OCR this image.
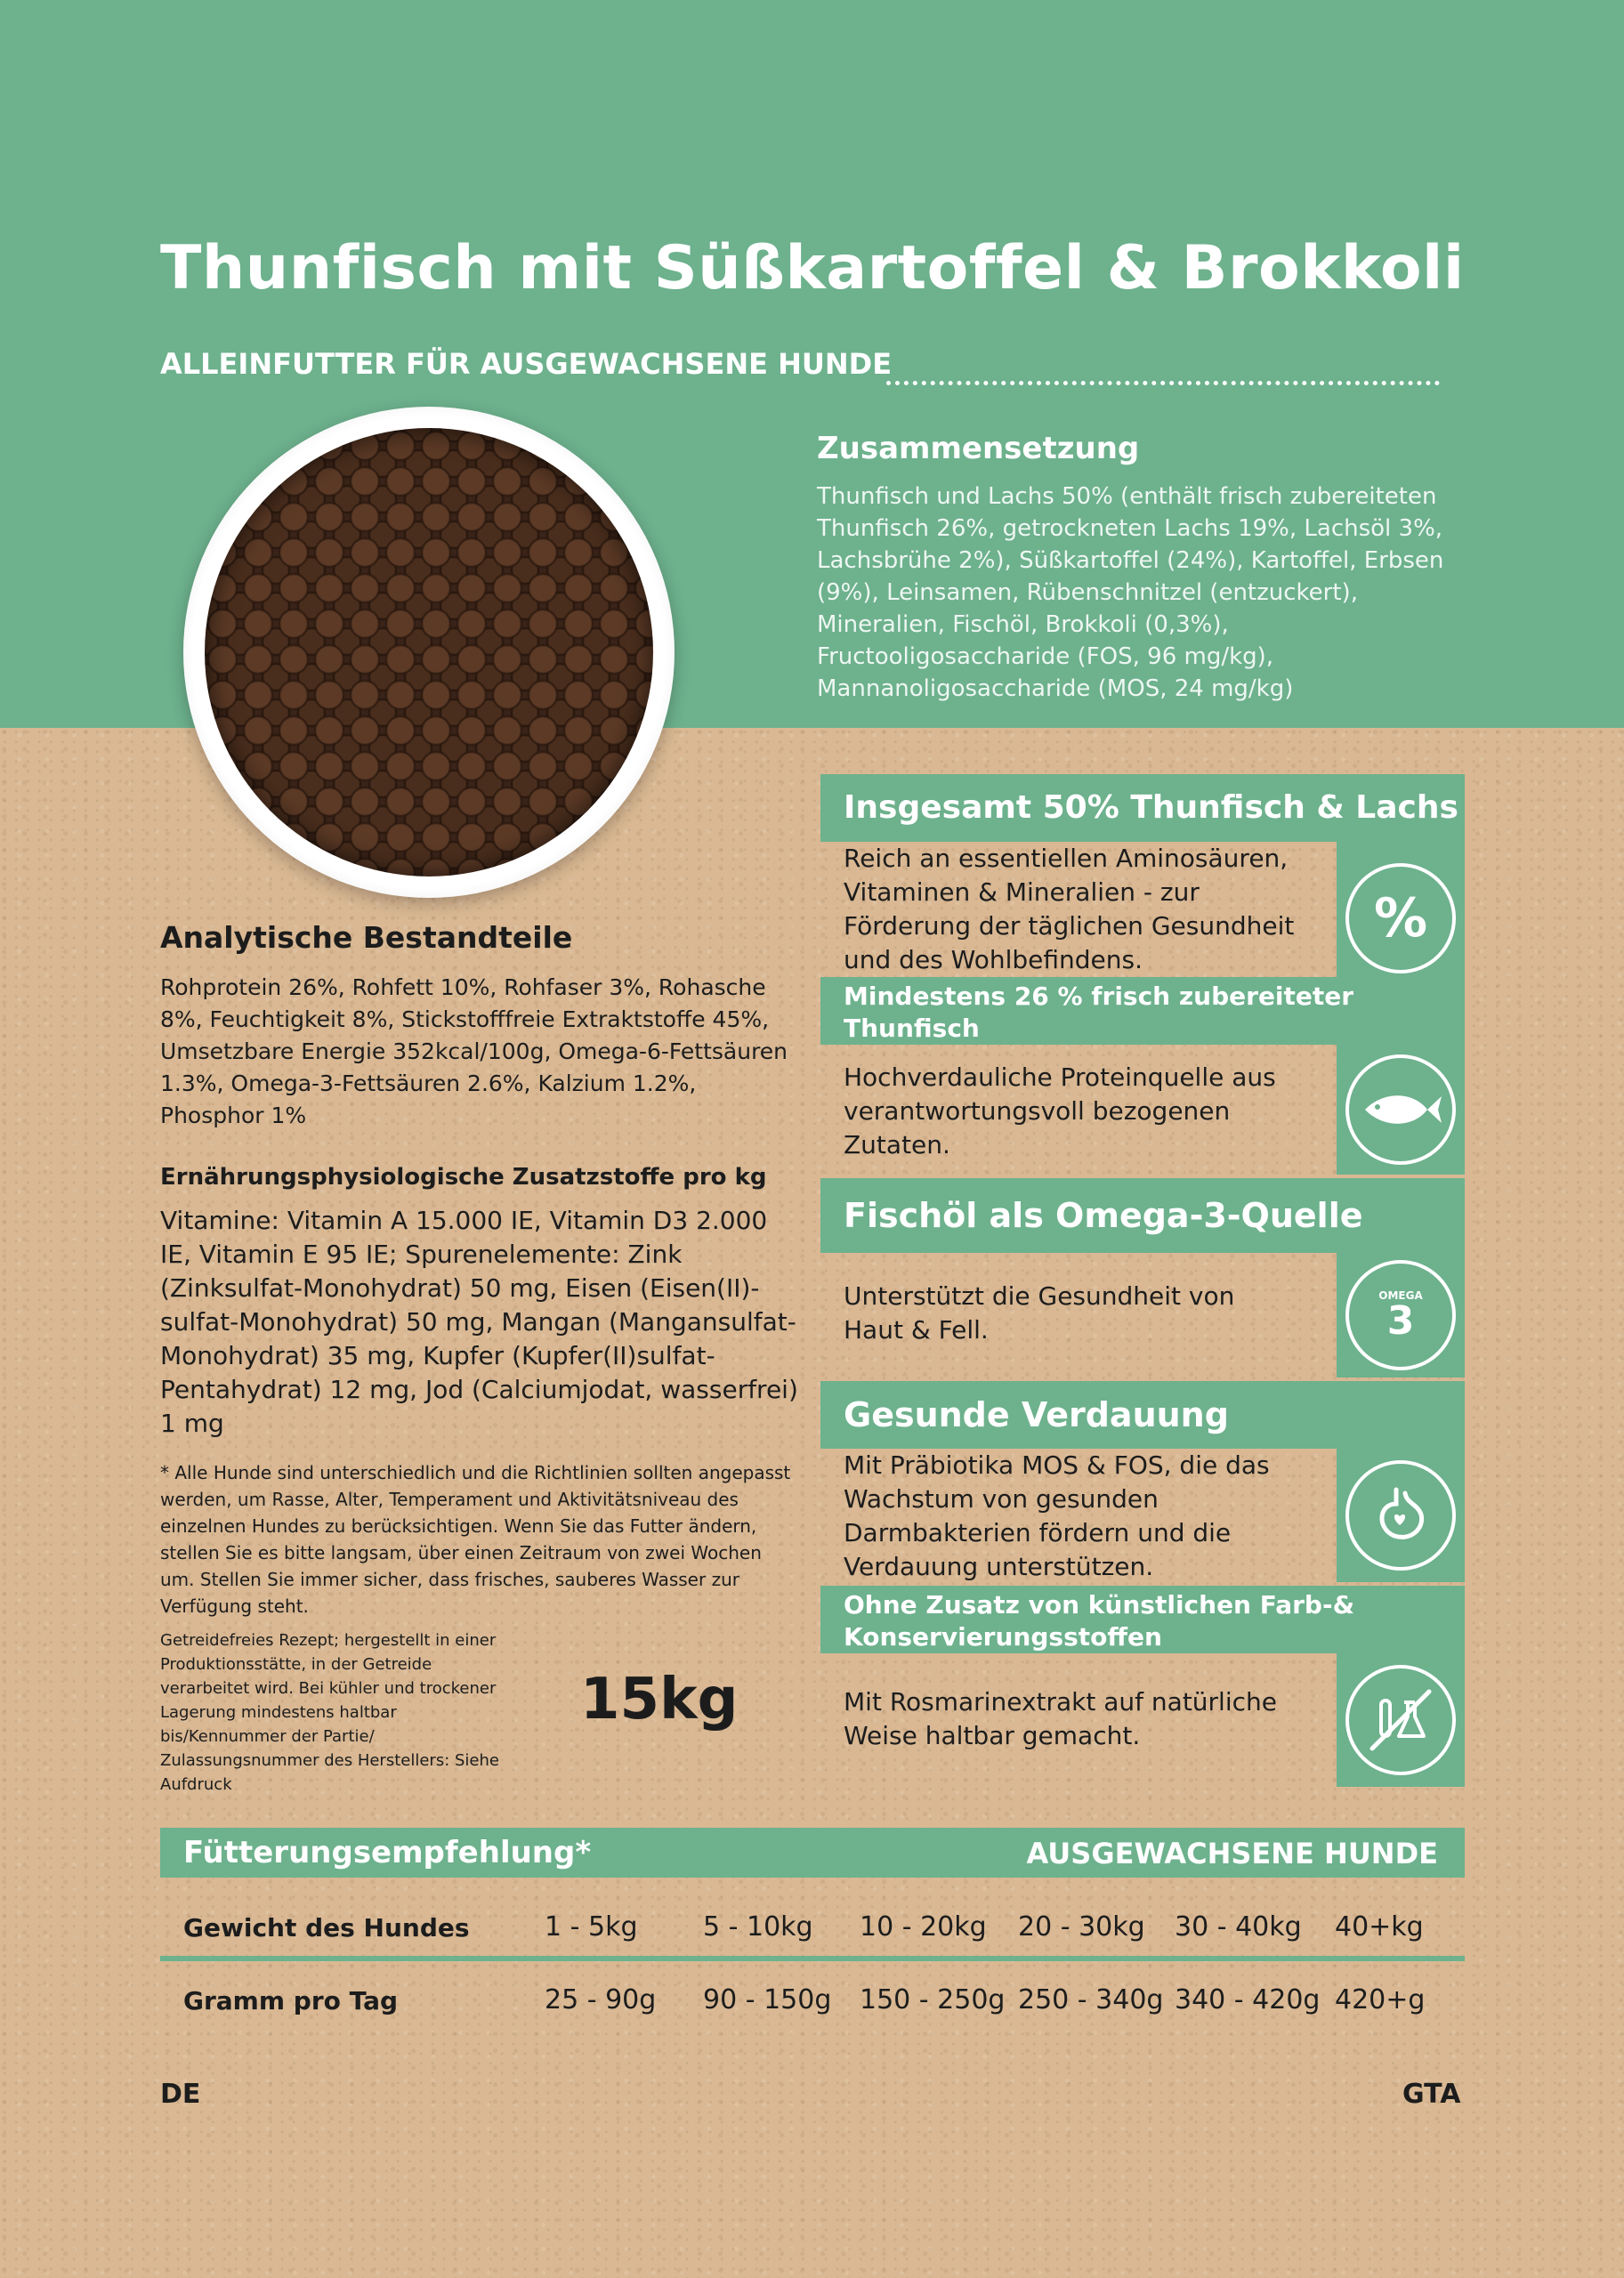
Thunfisch mit Süßkartoffel & Brokkoli
ALLEINFUTTER FÜR AUSGEWACHSENE HUNDE
Zusammensetzung
Thunfisch und Lachs 50% (enthält frisch zubereiteten Thunfisch 26%, getrockneten Lachs 19%, Lachsöl 3%, Lachsbrühe 2%), Süßkartoffel (24%), Kartoffel, Erbsen (9%), Leinsamen, Rübenschnitzel (entzuckert), Mineralien, Fischöl, Brokkoli (0,3%), Fructooligosaccharide (FOS, 96 mg/kg), Mannanoligosaccharide (MOS, 24 mg/kg)
Analytische Bestandteile
Rohprotein 26%, Rohfett 10%, Rohfaser 3%, Rohasche 8%, Feuchtigkeit 8%, Stickstofffreie Extraktstoffe 45%, Umsetzbare Energie 352kcal/100g, Omega-6-Fettsäuren 1.3%, Omega-3-Fettsäuren 2.6%, Kalzium 1.2%, Phosphor 1%
Ernährungsphysiologische Zusatzstoffe pro kg
Vitamine: Vitamin A 15.000 IE, Vitamin D3 2.000 IE, Vitamin E 95 IE; Spurenelemente: Zink (Zinksulfat-Monohydrat) 50 mg, Eisen (Eisen(II)-sulfat-Monohydrat) 50 mg, Mangan (Mangansulfat-Monohydrat) 35 mg, Kupfer (Kupfer(II)sulfat-Pentahydrat) 12 mg, Jod (Calciumjodat, wasserfrei) 1 mg
* Alle Hunde sind unterschiedlich und die Richtlinien sollten angepasst werden, um Rasse, Alter, Temperament und Aktivitätsniveau des einzelnen Hundes zu berücksichtigen. Wenn Sie das Futter ändern, stellen Sie es bitte langsam, über einen Zeitraum von zwei Wochen um. Stellen Sie immer sicher, dass frisches, sauberes Wasser zur Verfügung steht.
Getreidefreies Rezept; hergestellt in einer Produktionsstätte, in der Getreide verarbeitet wird. Bei kühler und trockener Lagerung mindestens haltbar bis/Kennummer der Partie/ Zulassungsnummer des Herstellers: Siehe Aufdruck
15kg
Insgesamt 50% Thunfisch & Lachs
Reich an essentiellen Aminosäuren, Vitaminen & Mineralien - zur Förderung der täglichen Gesundheit und des Wohlbefindens.
%
Mindestens 26 % frisch zubereiteter Thunfisch
Hochverdauliche Proteinquelle aus verantwortungsvoll bezogenen Zutaten.
Fischöl als Omega-3-Quelle
Unterstützt die Gesundheit von Haut & Fell.
OMEGA
3
Gesunde Verdauung
Mit Präbiotika MOS & FOS, die das Wachstum von gesunden Darmbakterien fördern und die Verdauung unterstützen.
Ohne Zusatz von künstlichen Farb-& Konservierungsstoffen
Mit Rosmarinextrakt auf natürliche Weise haltbar gemacht.
Fütterungsempfehlung*	AUSGEWACHSENE HUNDE
Gewicht des Hundes	1 - 5kg 5 - 10kg 10 - 20kg 20 - 30kg 30 - 40kg 40+kg
Gramm pro Tag	25 - 90g 90 - 150g 150 - 250g 250 - 340g 340 - 420g 420+g
DE	GTA
